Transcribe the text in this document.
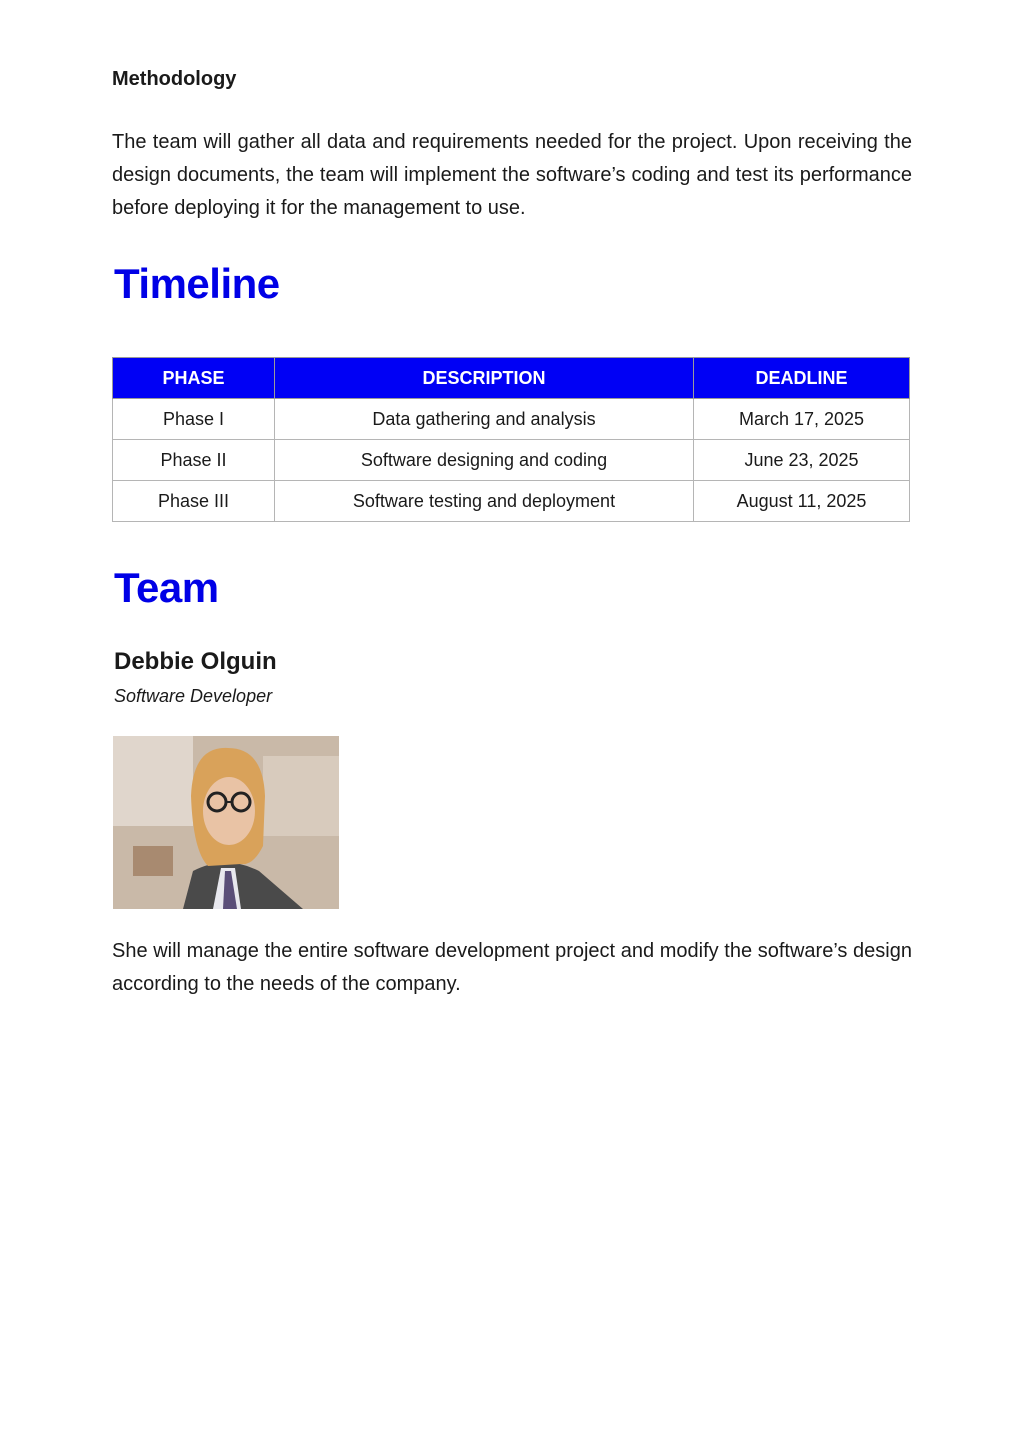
Methodology
The team will gather all data and requirements needed for the project. Upon receiving the design documents, the team will implement the software’s coding and test its performance before deploying it for the management to use.
Timeline
PHASE	DESCRIPTION	DEADLINE
Phase I	Data gathering and analysis	March 17, 2025
Phase II	Software designing and coding	June 23, 2025
Phase III	Software testing and deployment	August 11, 2025
Team
Debbie Olguin
Software Developer
She will manage the entire software development project and modify the software’s design according to the needs of the company.
